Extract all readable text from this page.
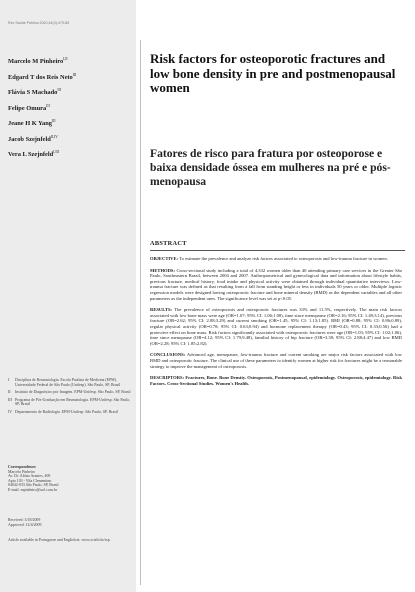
Rev Saúde Pública 2010;44(3):479-85
Marcelo M Pinheiro$^{I,II}$
Edgard T dos Reis Neto$^{III}$
Flávia S Machado$^{III}$
Felipe Omura$^{III}$
Jeane H K Yang$^{III}$
Jacob Szejnfeld$^{II,IV}$
Vera L Szejnfeld$^{I,III}$
I Disciplina de Reumatologia. Escola Paulista de Medicina (EPM). Universidade Federal de São Paulo (Unifesp). São Paulo, SP, Brasil
II Instituto de Diagnóstico por Imagem. EPM-Unifesp. São Paulo, SP, Brasil
III Programa de Pós-Graduação em Reumatologia. EPM-Unifesp. São Paulo, SP, Brasil
IV Departamento de Radiologia. EPM-Unifesp. São Paulo, SP, Brasil
Correspondence:
Marcelo Pinheiro
Av. Dr. Altino Arantes, 469
Apto 103 - Vila Clementino
04042-033 São Paulo, SP, Brasil
E-mail: mpinheiro@uol.com.br
Received: 3/18/2009
Approved: 12/4/2009
Article available in Portuguese and English at: www.scielo.br/rsp
Risk factors for osteoporotic fractures and low bone density in pre and postmenopausal women
Fatores de risco para fratura por osteoporose e baixa densidade óssea em mulheres na pré e pós-menopausa
ABSTRACT

OBJECTIVE: To estimate the prevalence and analyze risk factors associated to osteoporosis and low-trauma fracture in women.

METHODS: Cross-sectional study including a total of 4,332 women older than 40 attending primary care services in the Greater São Paulo, Southeastern Brazil, between 2004 and 2007. Anthropometrical and gynecological data and information about lifestyle habits, previous fracture, medical history, food intake and physical activity were obtained through individual quantitative interviews. Low-trauma fracture was defined as that resulting from a fall from standing height or less in individuals 50 years or older. Multiple logistic regression models were designed having osteoporotic fracture and bone mineral density (BMD) as the dependent variables and all other parameters as the independent ones. The significance level was set at p<0.05.

RESULTS: The prevalence of osteoporosis and osteoporotic fractures was 33% and 11.5%, respectively. The main risk factors associated with low bone mass were age (OR=1.07; 95% CI: 1.06;1.08), time since menopause (OR=2.16; 95% CI: 1.49;3.14), previous fracture (OR=2.62; 95% CI: 2.08;3.29) and current smoking (OR=1.45; 95% CI: 1.13;1.85). BMI (OR=0.88; 95% CI: 0.86;0.89), regular physical activity (OR=0.78; 95% CI: 0.63;0.94) and hormone replacement therapy (OR=0.43; 95% CI: 0.33;0.56) had a protective effect on bone mass. Risk factors significantly associated with osteoporotic fractures were age (OR=1.03; 95% CI: 1.02;1.06), time since menopause (OR=4.12; 95% CI: 1.79;9.48), familial history of hip fracture (OR=3.39; 95% CI: 2.88;4.47) and low BMD (OR=2.28; 95% CI: 1.85;2.82).

CONCLUSIONS: Advanced age, menopause, low-trauma fracture and current smoking are major risk factors associated with low BMD and osteoporotic fracture. The clinical use of these parameters to identify women at higher risk for fractures might be a reasonable strategy to improve the management of osteoporosis.

DESCRIPTORS: Fractures, Bone. Bone Density. Osteoporosis, Postmenopausal, epidemiology. Osteoporosis, epidemiology. Risk Factors. Cross-Sectional Studies. Women's Health.
